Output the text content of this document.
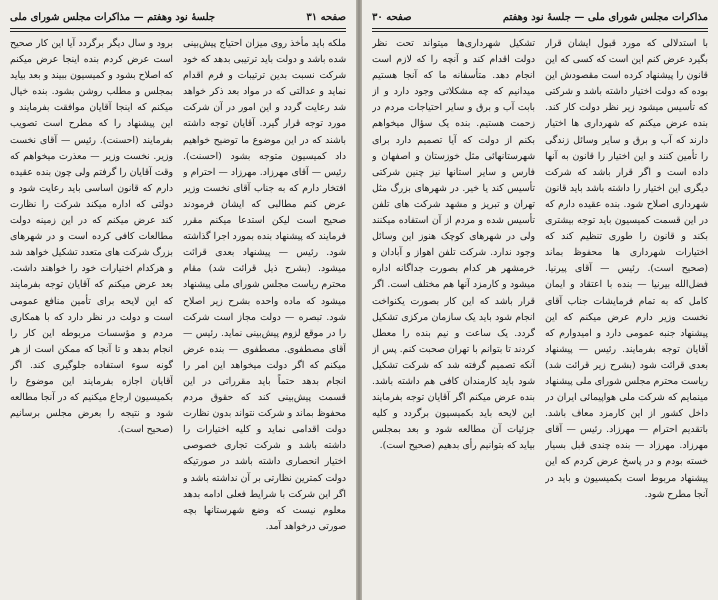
جلسهٔ نود وهفتم — مذاکرات مجلس شورای ملی	صفحه ۳۱

ملکه باید مأخذ روی میزان احتیاج پیش‌بینی شده باشد و دولت باید ترتیبی بدهد که خود شرکت نسبت بدین ترتیبات و فرم اقدام نماید و عدالتی که در مواد بعد ذکر خواهد شد رعایت گردد و این امور در آن شرکت مورد توجه قرار گیرد. آقایان توجه داشته باشند که در این موضوع ما توضیح خواهیم داد کمیسیون متوجه بشود (احسنت). رئیس — آقای مهرزاد. مهرزاد — احترام و افتخار دارم که به جناب آقای نخست وزیر عرض کنم مطالبی که ایشان فرمودند صحیح است لیکن استدعا میکنم مقرر فرمایند که پیشنهاد بنده بمورد اجرا گذاشته شود. رئیس — پیشنهاد بعدی قرائت میشود. (بشرح ذیل قرائت شد) مقام محترم ریاست مجلس شورای ملی پیشنهاد میشود که ماده واحده بشرح زیر اصلاح شود. تبصره — دولت مجاز است شرکت را در موقع لزوم پیش‌بینی نماید. رئیس — آقای مصطفوی. مصطفوی — بنده عرض میکنم که اگر دولت میخواهد این امر را انجام بدهد حتماً باید مقرراتی در این قسمت پیش‌بینی کند که حقوق مردم محفوظ بماند و شرکت نتواند بدون نظارت دولت اقدامی نماید و کلیه اختیارات را داشته باشد و شرکت تجاری خصوصی اختیار انحصاری داشته باشد در صورتیکه دولت کمترین نظارتی بر آن نداشته باشد و اگر این شرکت با شرایط فعلی ادامه بدهد معلوم نیست که وضع شهرستانها بچه صورتی درخواهد آمد.

برود و سال دیگر برگردد آیا این کار صحیح است عرض کردم بنده اینجا عرض میکنم که اصلاح بشود و کمیسیون ببیند و بعد بیاید بمجلس و مطلب روشن بشود. بنده خیال میکنم که اینجا آقایان موافقت بفرمایند و این پیشنهاد را که مطرح است تصویب بفرمایند (احسنت). رئیس — آقای نخست وزیر. نخست وزیر — معذرت میخواهم که وقت آقایان را گرفتم ولی چون بنده عقیده دارم که قانون اساسی باید رعایت شود و دولتی که اداره میکند شرکت را نظارت کند عرض میکنم که در این زمینه دولت مطالعات کافی کرده است و در شهرهای بزرگ شرکت های متعدد تشکیل خواهد شد و هرکدام اختیارات خود را خواهند داشت. بعد عرض میکنم که آقایان توجه بفرمایند که این لایحه برای تأمین منافع عمومی است و دولت در نظر دارد که با همکاری مردم و مؤسسات مربوطه این کار را انجام بدهد و تا آنجا که ممکن است از هر گونه سوء استفاده جلوگیری کند. اگر آقایان اجازه بفرمایند این موضوع را بکمیسیون ارجاع میکنیم که در آنجا مطالعه شود و نتیجه را بعرض مجلس برسانیم (صحیح است).

صفحه ۳۰	مذاکرات مجلس شورای ملی — جلسهٔ نود وهفتم

با استدلالی که مورد قبول ایشان قرار بگیرد عرض کنم این است که کسی که این قانون را پیشنهاد کرده است مقصودش این بوده که دولت اختیار داشته باشد و شرکتی که تأسیس میشود زیر نظر دولت کار کند. بنده عرض میکنم که شهرداری ها اختیار دارند که آب و برق و سایر وسائل زندگی را تأمین کنند و این اختیار را قانون به آنها داده است و اگر قرار باشد که شرکت دیگری این اختیار را داشته باشد باید قانون شهرداری اصلاح شود. بنده عقیده دارم که در این قسمت کمیسیون باید توجه بیشتری بکند و قانون را طوری تنظیم کند که اختیارات شهرداری ها محفوظ بماند (صحیح است). رئیس — آقای پیرنیا. فضل‌الله بیرنیا — بنده با اعتقاد و ایمان کامل که به تمام فرمایشات جناب آقای نخست وزیر دارم عرض میکنم که این پیشنهاد جنبه عمومی دارد و امیدوارم که آقایان توجه بفرمایند. رئیس — پیشنهاد بعدی قرائت شود (بشرح زیر قرائت شد) ریاست محترم مجلس شورای ملی پیشنهاد مینمایم که شرکت ملی هواپیمائی ایران در داخل کشور از این کارمزد معاف باشد. باتقدیم احترام — مهرزاد. رئیس — آقای مهرزاد. مهرزاد — بنده چندی قبل بسیار خسته بودم و در پاسخ عرض کردم که این پیشنهاد مربوط است بکمیسیون و باید در آنجا مطرح شود.

تشکیل شهرداری‌ها میتواند تحت نظر دولت اقدام کند و آنچه را که لازم است انجام دهد. متأسفانه ما که آنجا هستیم میدانیم که چه مشکلاتی وجود دارد و از بابت آب و برق و سایر احتیاجات مردم در زحمت هستیم. بنده یک سؤال میخواهم بکنم از دولت که آیا تصمیم دارد برای شهرستانهائی مثل خوزستان و اصفهان و فارس و سایر استانها نیز چنین شرکتی تأسیس کند یا خیر. در شهرهای بزرگ مثل تهران و تبریز و مشهد شرکت های تلفن تأسیس شده و مردم از آن استفاده میکنند ولی در شهرهای کوچک هنوز این وسائل وجود ندارد. شرکت تلفن اهواز و آبادان و خرمشهر هر کدام بصورت جداگانه اداره میشود و کارمزد آنها هم مختلف است. اگر قرار باشد که این کار بصورت یکنواخت انجام شود باید یک سازمان مرکزی تشکیل گردد. یک ساعت و نیم بنده را معطل کردند تا بتوانم با تهران صحبت کنم. پس از آنکه تصمیم گرفته شد که شرکت تشکیل شود باید کارمندان کافی هم داشته باشد. بنده عرض میکنم اگر آقایان توجه بفرمایند این لایحه باید بکمیسیون برگردد و کلیه جزئیات آن مطالعه شود و بعد بمجلس بیاید که بتوانیم رأی بدهیم (صحیح است).
